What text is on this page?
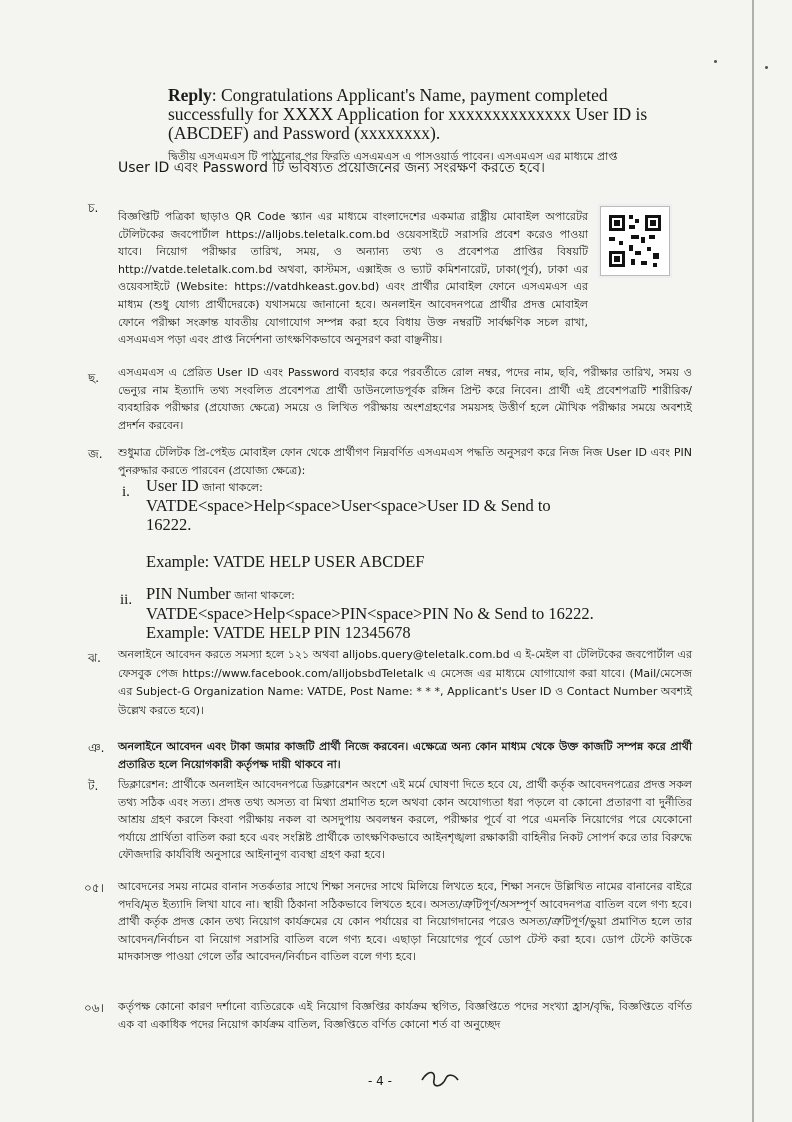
Reply: Congratulations Applicant's Name, payment completed successfully for XXXX Application for xxxxxxxxxxxxxx User ID is (ABCDEF) and Password (xxxxxxxx).

দ্বিতীয় এসএমএস টি পাঠানোর পর ফিরতি এসএমএস এ পাসওয়ার্ড পাবেন। এসএমএস এর মাধ্যমে প্রাপ্ত

User ID এবং Password টি ভবিষ্যত প্রয়োজনের জন্য সংরক্ষণ করতে হবে।

চ.

বিজ্ঞপ্তিটি পত্রিকা ছাড়াও QR Code স্ক্যান এর মাধ্যমে বাংলাদেশের একমাত্র রাষ্ট্রীয় মোবাইল অপারেটর টেলিটকের জবপোর্টাল https://alljobs.teletalk.com.bd ওয়েবসাইটে সরাসরি প্রবেশ করেও পাওয়া যাবে। নিয়োগ পরীক্ষার তারিখ, সময়, ও অন্যান্য তথ্য ও প্রবেশপত্র প্রাপ্তির বিষয়টি http://vatde.teletalk.com.bd অথবা, কাস্টমস, এক্সাইজ ও ভ্যাট কমিশনারেট, ঢাকা(পূর্ব), ঢাকা এর ওয়েবসাইটে (Website: https://vatdhkeast.gov.bd) এবং প্রার্থীর মোবাইল ফোনে এসএমএস এর মাধ্যম (শুধু যোগ্য প্রার্থীদেরকে) যথাসময়ে জানানো হবে। অনলাইন আবেদনপত্রে প্রার্থীর প্রদত্ত মোবাইল ফোনে পরীক্ষা সংক্রান্ত যাবতীয় যোগাযোগ সম্পন্ন করা হবে বিধায় উক্ত নম্বরটি সার্বক্ষণিক সচল রাখা, এসএমএস পড়া এবং প্রাপ্ত নির্দেশনা তাৎক্ষণিকভাবে অনুসরণ করা বাঞ্ছনীয়।

ছ. এসএমএস এ প্রেরিত User ID এবং Password ব্যবহার করে পরবর্তীতে রোল নম্বর, পদের নাম, ছবি, পরীক্ষার তারিখ, সময় ও ভেন্যুর নাম ইত্যাদি তথ্য সংবলিত প্রবেশপত্র প্রার্থী ডাউনলোডপূর্বক রঙ্গিন প্রিন্ট করে নিবেন। প্রার্থী এই প্রবেশপত্রটি শারীরিক/ব্যবহারিক পরীক্ষার (প্রযোজ্য ক্ষেত্রে) সময়ে ও লিখিত পরীক্ষায় অংশগ্রহণের সময়সহ উত্তীর্ণ হলে মৌখিক পরীক্ষার সময়ে অবশ্যই প্রদর্শন করবেন।

জ. শুধুমাত্র টেলিটক প্রি-পেইড মোবাইল ফোন থেকে প্রার্থীগণ নিম্নবর্ণিত এসএমএস পদ্ধতি অনুসরণ করে নিজ নিজ User ID এবং PIN পুনরুদ্ধার করতে পারবেন (প্রযোজ্য ক্ষেত্রে):

i. User ID জানা থাকলে:

VATDE<space>Help<space>User<space>User ID & Send to
16222.

Example: VATDE HELP USER ABCDEF

ii. PIN Number জানা থাকলে:

VATDE<space>Help<space>PIN<space>PIN No & Send to 16222.
Example: VATDE HELP PIN 12345678

ঝ. অনলাইনে আবেদন করতে সমস্যা হলে ১২১ অথবা alljobs.query@teletalk.com.bd এ ই-মেইল বা টেলিটকের জবপোর্টাল এর ফেসবুক পেজ https://www.facebook.com/alljobsbdTeletalk এ মেসেজ এর মাধ্যমে যোগাযোগ করা যাবে। (Mail/মেসেজ এর Subject-G Organization Name: VATDE, Post Name: * * *, Applicant's User ID ও Contact Number অবশ্যই উল্লেখ করতে হবে)।

ঞ. অনলাইনে আবেদন এবং টাকা জমার কাজটি প্রার্থী নিজে করবেন। এক্ষেত্রে অন্য কোন মাধ্যম থেকে উক্ত কাজটি সম্পন্ন করে প্রার্থী প্রতারিত হলে নিয়োগকারী কর্তৃপক্ষ দায়ী থাকবে না।

ট. ডিক্লারেশন: প্রার্থীকে অনলাইন আবেদনপত্রে ডিক্লারেশন অংশে এই মর্মে ঘোষণা দিতে হবে যে, প্রার্থী কর্তৃক আবেদনপত্রের প্রদত্ত সকল তথ্য সঠিক এবং সত্য। প্রদত্ত তথ্য অসত্য বা মিথ্যা প্রমাণিত হলে অথবা কোন অযোগ্যতা ধরা পড়লে বা কোনো প্রতারণা বা দুর্নীতির আশ্রয় গ্রহণ করলে কিংবা পরীক্ষায় নকল বা অসদুপায় অবলম্বন করলে, পরীক্ষার পূর্বে বা পরে এমনকি নিয়োগের পরে যেকোনো পর্যায়ে প্রার্থিতা বাতিল করা হবে এবং সংশ্লিষ্ট প্রার্থীকে তাৎক্ষণিকভাবে আইনশৃঙ্খলা রক্ষাকারী বাহিনীর নিকট সোপর্দ করে তার বিরুদ্ধে ফৌজদারি কার্যবিধি অনুসারে আইনানুগ ব্যবস্থা গ্রহণ করা হবে।

০৫। আবেদনের সময় নামের বানান সতর্কতার সাথে শিক্ষা সনদের সাথে মিলিয়ে লিখতে হবে, শিক্ষা সনদে উল্লিখিত নামের বানানের বাইরে পদবি/মৃত ইত্যাদি লিখা যাবে না। স্থায়ী ঠিকানা সঠিকভাবে লিখতে হবে। অসত্য/ত্রুটিপূর্ণ/অসম্পূর্ণ আবেদনপত্র বাতিল বলে গণ্য হবে। প্রার্থী কর্তৃক প্রদত্ত কোন তথ্য নিয়োগ কার্যক্রমের যে কোন পর্যায়ের বা নিয়োগদানের পরেও অসত্য/ত্রুটিপূর্ণ/ভুয়া প্রমাণিত হলে তার আবেদন/নির্বাচন বা নিয়োগ সরাসরি বাতিল বলে গণ্য হবে। এছাড়া নিয়োগের পূর্বে ডোপ টেস্ট করা হবে। ডোপ টেস্টে কাউকে মাদকাসক্ত পাওয়া গেলে তাঁর আবেদন/নির্বাচন বাতিল বলে গণ্য হবে।

০৬। কর্তৃপক্ষ কোনো কারণ দর্শানো ব্যতিরেকে এই নিয়োগ বিজ্ঞপ্তির কার্যক্রম স্থগিত, বিজ্ঞপ্তিতে পদের সংখ্যা হ্রাস/বৃদ্ধি, বিজ্ঞপ্তিতে বর্ণিত এক বা একাধিক পদের নিয়োগ কার্যক্রম বাতিল, বিজ্ঞপ্তিতে বর্ণিত কোনো শর্ত বা অনুচ্ছেদ

- 4 -
